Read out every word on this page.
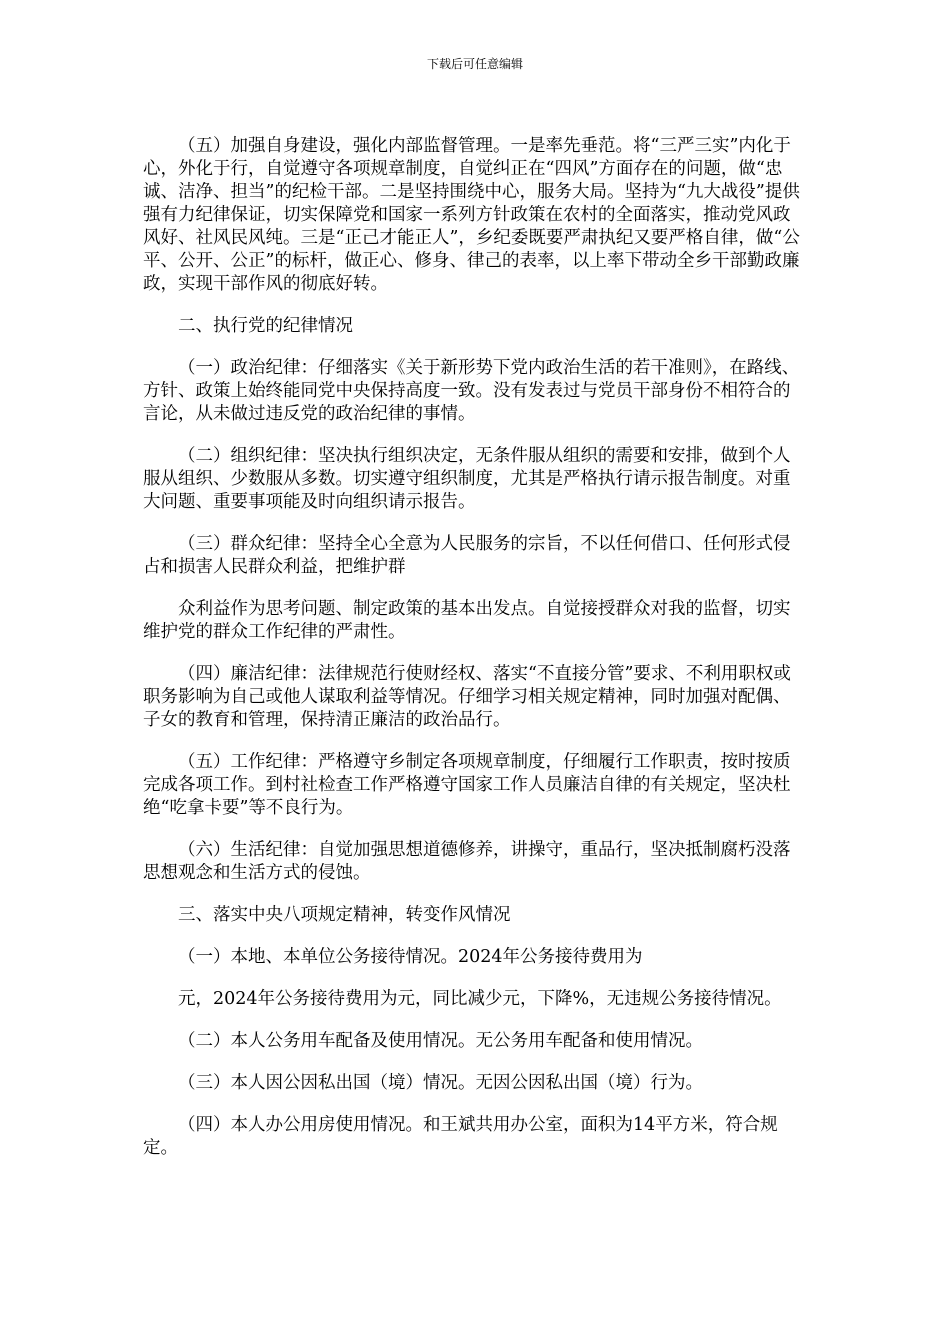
下载后可任意编辑

（五）加强自身建设，强化内部监督管理。一是率先垂范。将“三严三实”内化于心，外化于行，自觉遵守各项规章制度，自觉纠正在“四风”方面存在的问题，做“忠诚、洁净、担当”的纪检干部。二是坚持围绕中心，服务大局。坚持为“九大战役”提供强有力纪律保证，切实保障党和国家一系列方针政策在农村的全面落实，推动党风政风好、社风民风纯。三是“正己才能正人”，乡纪委既要严肃执纪又要严格自律，做“公平、公开、公正”的标杆，做正心、修身、律己的表率，以上率下带动全乡干部勤政廉政，实现干部作风的彻底好转。

二、执行党的纪律情况

（一）政治纪律：仔细落实《关于新形势下党内政治生活的若干准则》，在路线、方针、政策上始终能同党中央保持高度一致。没有发表过与党员干部身份不相符合的言论，从未做过违反党的政治纪律的事情。

（二）组织纪律：坚决执行组织决定，无条件服从组织的需要和安排，做到个人服从组织、少数服从多数。切实遵守组织制度，尤其是严格执行请示报告制度。对重大问题、重要事项能及时向组织请示报告。

（三）群众纪律：坚持全心全意为人民服务的宗旨，不以任何借口、任何形式侵占和损害人民群众利益，把维护群

众利益作为思考问题、制定政策的基本出发点。自觉接授群众对我的监督，切实维护党的群众工作纪律的严肃性。

（四）廉洁纪律：法律规范行使财经权、落实“不直接分管”要求、不利用职权或职务影响为自己或他人谋取利益等情况。仔细学习相关规定精神，同时加强对配偶、子女的教育和管理，保持清正廉洁的政治品行。

（五）工作纪律：严格遵守乡制定各项规章制度，仔细履行工作职责，按时按质完成各项工作。到村社检查工作严格遵守国家工作人员廉洁自律的有关规定，坚决杜绝“吃拿卡要”等不良行为。

（六）生活纪律：自觉加强思想道德修养，讲操守，重品行，坚决抵制腐朽没落思想观念和生活方式的侵蚀。

三、落实中央八项规定精神，转变作风情况

（一）本地、本单位公务接待情况。2024年公务接待费用为

元，2024年公务接待费用为元，同比减少元，下降%，无违规公务接待情况。

（二）本人公务用车配备及使用情况。无公务用车配备和使用情况。

（三）本人因公因私出国（境）情况。无因公因私出国（境）行为。

（四）本人办公用房使用情况。和王斌共用办公室，面积为14平方米，符合规定。
